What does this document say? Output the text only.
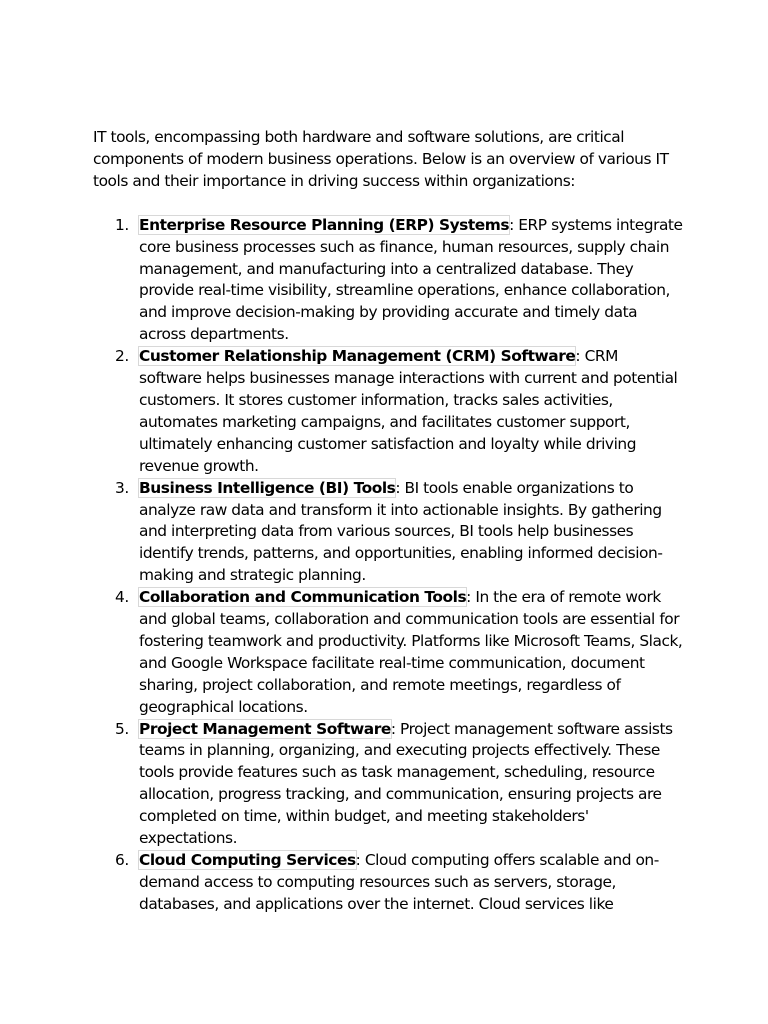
IT tools, encompassing both hardware and software solutions, are critical components of modern business operations. Below is an overview of various IT tools and their importance in driving success within organizations:

1. Enterprise Resource Planning (ERP) Systems: ERP systems integrate core business processes such as finance, human resources, supply chain management, and manufacturing into a centralized database. They provide real-time visibility, streamline operations, enhance collaboration, and improve decision-making by providing accurate and timely data across departments.
2. Customer Relationship Management (CRM) Software: CRM software helps businesses manage interactions with current and potential customers. It stores customer information, tracks sales activities, automates marketing campaigns, and facilitates customer support, ultimately enhancing customer satisfaction and loyalty while driving revenue growth.
3. Business Intelligence (BI) Tools: BI tools enable organizations to analyze raw data and transform it into actionable insights. By gathering and interpreting data from various sources, BI tools help businesses identify trends, patterns, and opportunities, enabling informed decision-making and strategic planning.
4. Collaboration and Communication Tools: In the era of remote work and global teams, collaboration and communication tools are essential for fostering teamwork and productivity. Platforms like Microsoft Teams, Slack, and Google Workspace facilitate real-time communication, document sharing, project collaboration, and remote meetings, regardless of geographical locations.
5. Project Management Software: Project management software assists teams in planning, organizing, and executing projects effectively. These tools provide features such as task management, scheduling, resource allocation, progress tracking, and communication, ensuring projects are completed on time, within budget, and meeting stakeholders' expectations.
6. Cloud Computing Services: Cloud computing offers scalable and on-demand access to computing resources such as servers, storage, databases, and applications over the internet. Cloud services like
